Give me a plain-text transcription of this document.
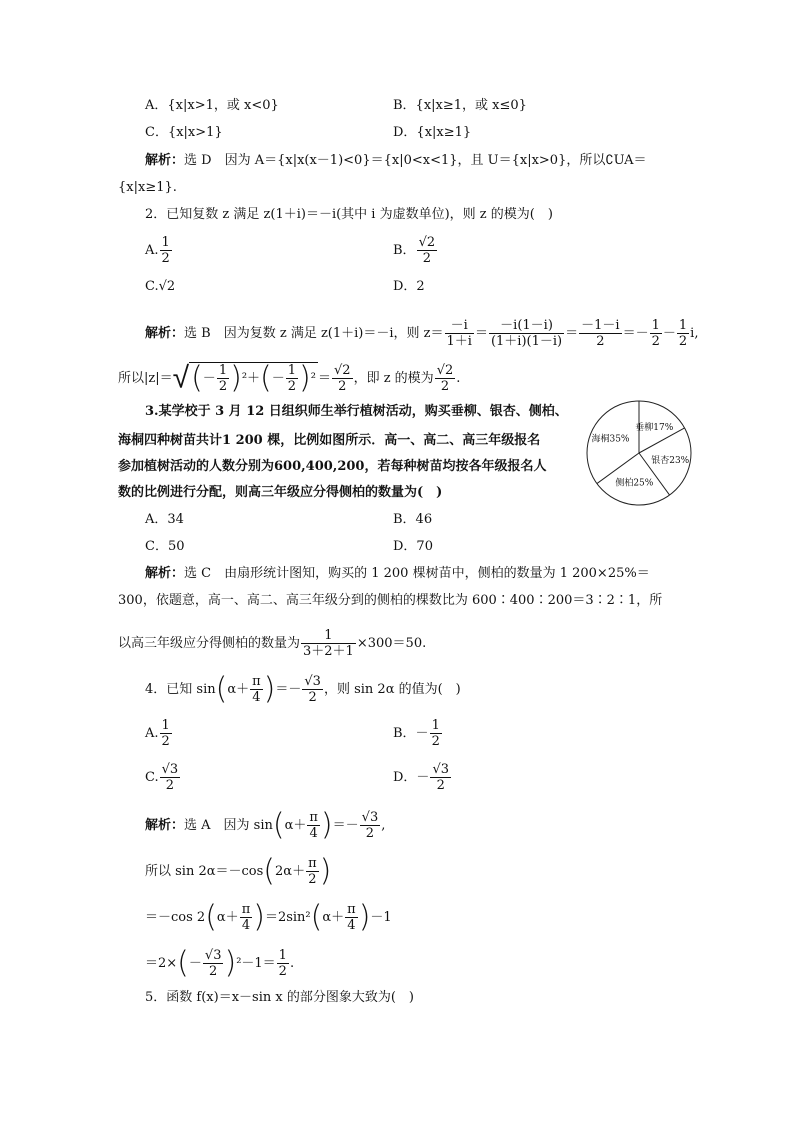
A．{x|x>1，或 x<0}	B．{x|x≥1，或 x≤0}
C．{x|x>1}	D．{x|x≥1}
解析：选 D　因为 A＝{x|x(x－1)<0}＝{x|0<x<1}，且 U＝{x|x>0}，所以∁UA＝
{x|x≥1}.
2．已知复数 z 满足 z(1＋i)＝－i(其中 i 为虚数单位)，则 z 的模为(　)
A. $\frac{1}{2}$	B． $\frac{√2}{2}$
C.√2	D．2
解析：选 B　因为复数 z 满足 z(1＋i)＝－i，则 $z= \frac{-i}{1+i} = \frac{-i(1-i)}{(1+i)(1-i)} = \frac{-1-i}{2} =- \frac{1}{2} - \frac{1}{2} i$,
所以$|z|=√(- \frac{1}{2} )^2+(- \frac{1}{2} )^2 = \frac{√2}{2}$ ，即 z 的模为 $\frac{√2}{2}$ .
3.某学校于 3 月 12 日组织师生举行植树活动，购买垂柳、银杏、侧柏、
海桐四种树苗共计1 200 棵，比例如图所示．高一、高二、高三年级报名
参加植树活动的人数分别为600,400,200，若每种树苗均按各年级报名人
数的比例进行分配，则高三年级应分得侧柏的数量为(　)
垂柳17%
银杏23%
侧柏25%
海桐35%
A．34	B．46
C．50	D．70
解析：选 C　由扇形统计图知，购买的 1 200 棵树苗中，侧柏的数量为 1 200×25%＝
300，依题意，高一、高二、高三年级分到的侧柏的棵数比为 600∶400∶200＝3∶2∶1，所
以高三年级应分得侧柏的数量为 $\frac{1}{3+2+1} \times 300=50$.
4．已知 $\sin(\alpha+ \frac{\pi}{4}$ )＝－ $\frac{√3}{2}$ ，则 sin 2α 的值为(　)
A. $\frac{1}{2}$	B．－ $\frac{1}{2}$
C. $\frac{√3}{2}$	D．－ $\frac{√3}{2}$
解析：选 A　因为 $\sin(\alpha+ \frac{\pi}{4}$ )＝－ $\frac{√3}{2}$ ,
所以 $\sin 2\alpha=-\cos(2\alpha+ \frac{\pi}{2}$ )
＝－cos $2(\alpha+ \frac{\pi}{4} )=2\sin^2(\alpha+ \frac{\pi}{4} )-1$
$=2\times(- \frac{√3}{2} )^2-1= \frac{1}{2}$ .
5．函数 f(x)＝x－sin x 的部分图象大致为(　)
